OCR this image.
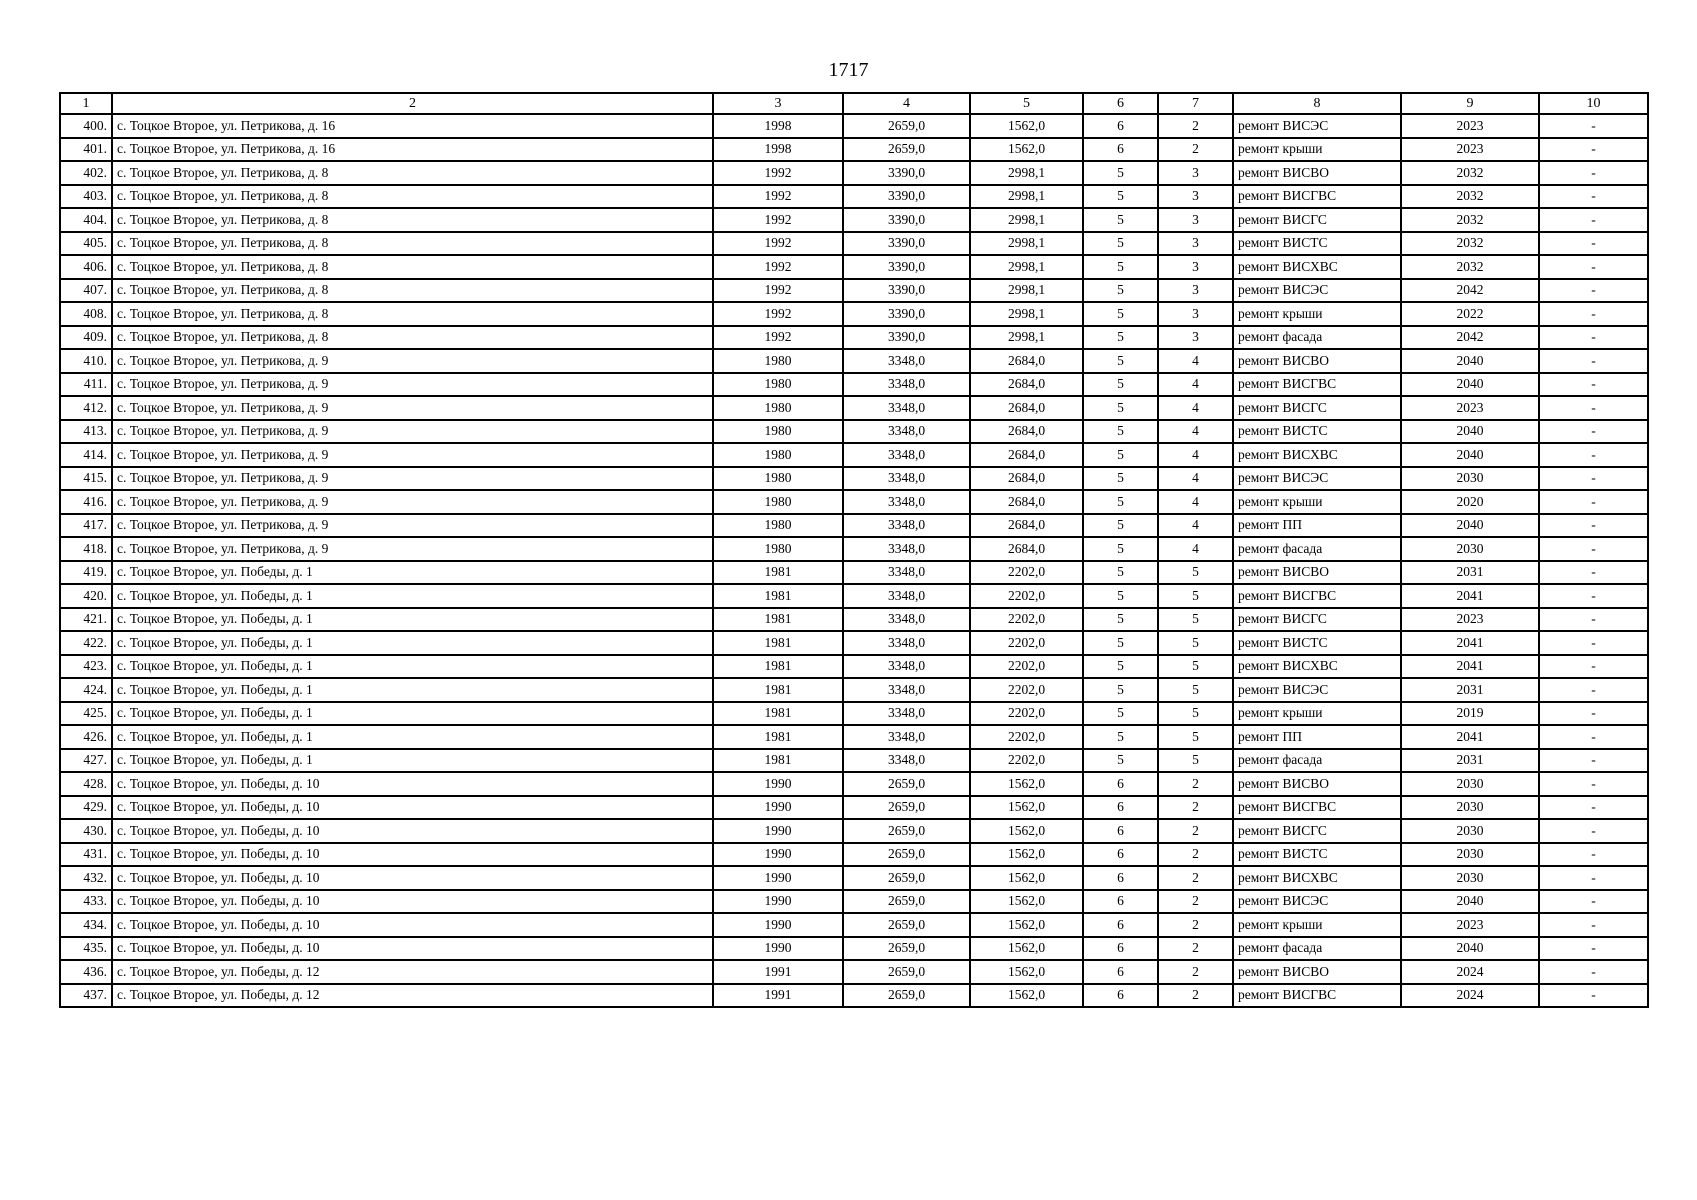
1717
1	2	3	4	5	6	7	8	9	10
400.	с. Тоцкое Второе, ул. Петрикова, д. 16	1998	2659,0	1562,0	6	2	ремонт ВИСЭС	2023	-
401.	с. Тоцкое Второе, ул. Петрикова, д. 16	1998	2659,0	1562,0	6	2	ремонт крыши	2023	-
402.	с. Тоцкое Второе, ул. Петрикова, д. 8	1992	3390,0	2998,1	5	3	ремонт ВИСВО	2032	-
403.	с. Тоцкое Второе, ул. Петрикова, д. 8	1992	3390,0	2998,1	5	3	ремонт ВИСГВС	2032	-
404.	с. Тоцкое Второе, ул. Петрикова, д. 8	1992	3390,0	2998,1	5	3	ремонт ВИСГС	2032	-
405.	с. Тоцкое Второе, ул. Петрикова, д. 8	1992	3390,0	2998,1	5	3	ремонт ВИСТС	2032	-
406.	с. Тоцкое Второе, ул. Петрикова, д. 8	1992	3390,0	2998,1	5	3	ремонт ВИСХВС	2032	-
407.	с. Тоцкое Второе, ул. Петрикова, д. 8	1992	3390,0	2998,1	5	3	ремонт ВИСЭС	2042	-
408.	с. Тоцкое Второе, ул. Петрикова, д. 8	1992	3390,0	2998,1	5	3	ремонт крыши	2022	-
409.	с. Тоцкое Второе, ул. Петрикова, д. 8	1992	3390,0	2998,1	5	3	ремонт фасада	2042	-
410.	с. Тоцкое Второе, ул. Петрикова, д. 9	1980	3348,0	2684,0	5	4	ремонт ВИСВО	2040	-
411.	с. Тоцкое Второе, ул. Петрикова, д. 9	1980	3348,0	2684,0	5	4	ремонт ВИСГВС	2040	-
412.	с. Тоцкое Второе, ул. Петрикова, д. 9	1980	3348,0	2684,0	5	4	ремонт ВИСГС	2023	-
413.	с. Тоцкое Второе, ул. Петрикова, д. 9	1980	3348,0	2684,0	5	4	ремонт ВИСТС	2040	-
414.	с. Тоцкое Второе, ул. Петрикова, д. 9	1980	3348,0	2684,0	5	4	ремонт ВИСХВС	2040	-
415.	с. Тоцкое Второе, ул. Петрикова, д. 9	1980	3348,0	2684,0	5	4	ремонт ВИСЭС	2030	-
416.	с. Тоцкое Второе, ул. Петрикова, д. 9	1980	3348,0	2684,0	5	4	ремонт крыши	2020	-
417.	с. Тоцкое Второе, ул. Петрикова, д. 9	1980	3348,0	2684,0	5	4	ремонт ПП	2040	-
418.	с. Тоцкое Второе, ул. Петрикова, д. 9	1980	3348,0	2684,0	5	4	ремонт фасада	2030	-
419.	с. Тоцкое Второе, ул. Победы, д. 1	1981	3348,0	2202,0	5	5	ремонт ВИСВО	2031	-
420.	с. Тоцкое Второе, ул. Победы, д. 1	1981	3348,0	2202,0	5	5	ремонт ВИСГВС	2041	-
421.	с. Тоцкое Второе, ул. Победы, д. 1	1981	3348,0	2202,0	5	5	ремонт ВИСГС	2023	-
422.	с. Тоцкое Второе, ул. Победы, д. 1	1981	3348,0	2202,0	5	5	ремонт ВИСТС	2041	-
423.	с. Тоцкое Второе, ул. Победы, д. 1	1981	3348,0	2202,0	5	5	ремонт ВИСХВС	2041	-
424.	с. Тоцкое Второе, ул. Победы, д. 1	1981	3348,0	2202,0	5	5	ремонт ВИСЭС	2031	-
425.	с. Тоцкое Второе, ул. Победы, д. 1	1981	3348,0	2202,0	5	5	ремонт крыши	2019	-
426.	с. Тоцкое Второе, ул. Победы, д. 1	1981	3348,0	2202,0	5	5	ремонт ПП	2041	-
427.	с. Тоцкое Второе, ул. Победы, д. 1	1981	3348,0	2202,0	5	5	ремонт фасада	2031	-
428.	с. Тоцкое Второе, ул. Победы, д. 10	1990	2659,0	1562,0	6	2	ремонт ВИСВО	2030	-
429.	с. Тоцкое Второе, ул. Победы, д. 10	1990	2659,0	1562,0	6	2	ремонт ВИСГВС	2030	-
430.	с. Тоцкое Второе, ул. Победы, д. 10	1990	2659,0	1562,0	6	2	ремонт ВИСГС	2030	-
431.	с. Тоцкое Второе, ул. Победы, д. 10	1990	2659,0	1562,0	6	2	ремонт ВИСТС	2030	-
432.	с. Тоцкое Второе, ул. Победы, д. 10	1990	2659,0	1562,0	6	2	ремонт ВИСХВС	2030	-
433.	с. Тоцкое Второе, ул. Победы, д. 10	1990	2659,0	1562,0	6	2	ремонт ВИСЭС	2040	-
434.	с. Тоцкое Второе, ул. Победы, д. 10	1990	2659,0	1562,0	6	2	ремонт крыши	2023	-
435.	с. Тоцкое Второе, ул. Победы, д. 10	1990	2659,0	1562,0	6	2	ремонт фасада	2040	-
436.	с. Тоцкое Второе, ул. Победы, д. 12	1991	2659,0	1562,0	6	2	ремонт ВИСВО	2024	-
437.	с. Тоцкое Второе, ул. Победы, д. 12	1991	2659,0	1562,0	6	2	ремонт ВИСГВС	2024	-
